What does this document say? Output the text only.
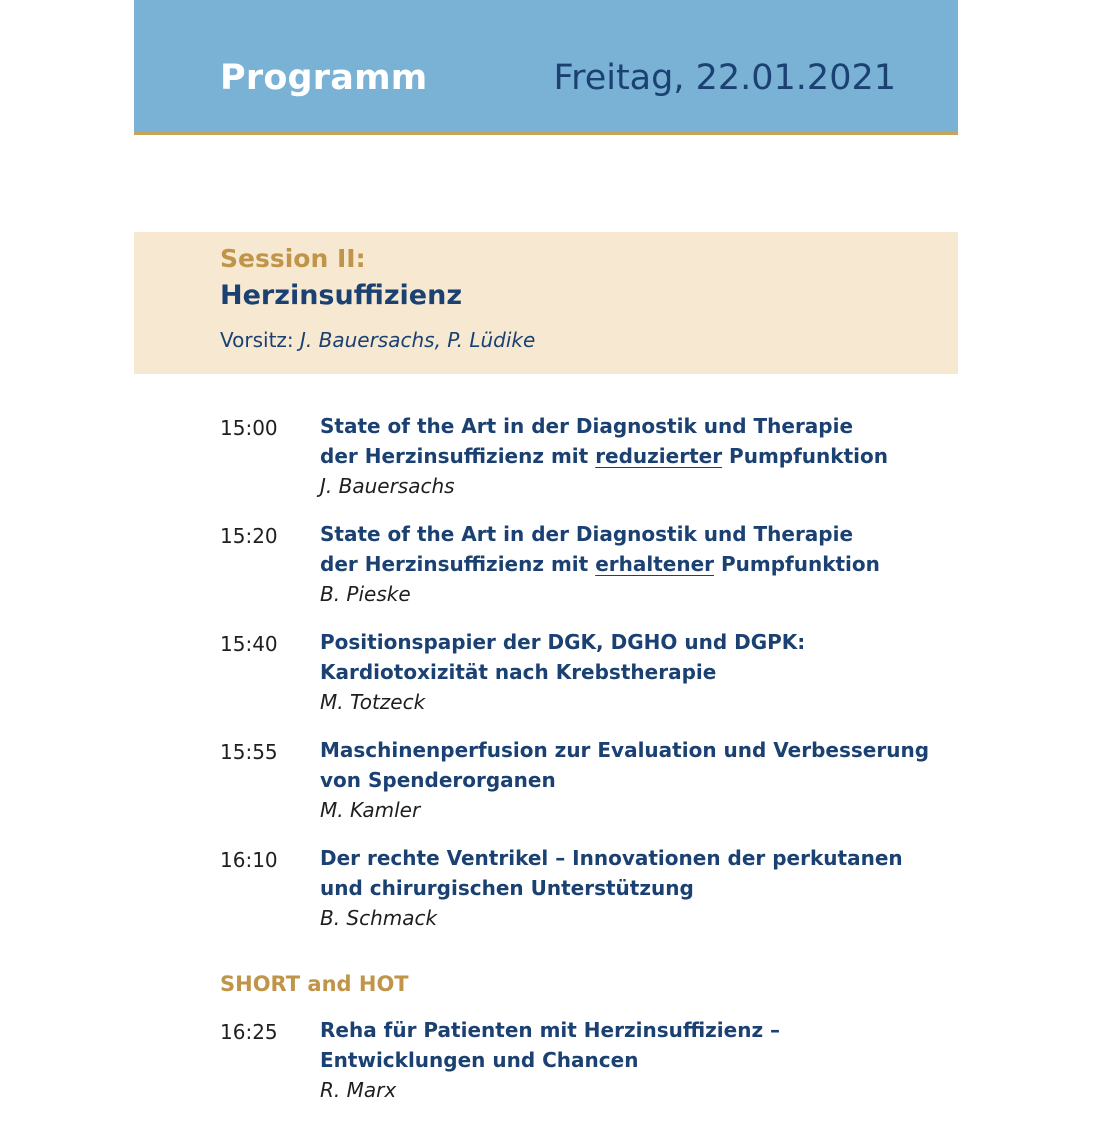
Programm	Freitag, 22.01.2021
Session II:
Herzinsuffizienz
Vorsitz: J. Bauersachs, P. Lüdike
15:00	State of the Art in der Diagnostik und Therapie
der Herzinsuffizienz mit reduzierter Pumpfunktion
J. Bauersachs
15:20	State of the Art in der Diagnostik und Therapie
der Herzinsuffizienz mit erhaltener Pumpfunktion
B. Pieske
15:40	Positionspapier der DGK, DGHO und DGPK:
Kardiotoxizität nach Krebstherapie
M. Totzeck
15:55	Maschinenperfusion zur Evaluation und Verbesserung
von Spenderorganen
M. Kamler
16:10	Der rechte Ventrikel – Innovationen der perkutanen
und chirurgischen Unterstützung
B. Schmack
SHORT and HOT
16:25	Reha für Patienten mit Herzinsuffizienz –
Entwicklungen und Chancen
R. Marx
